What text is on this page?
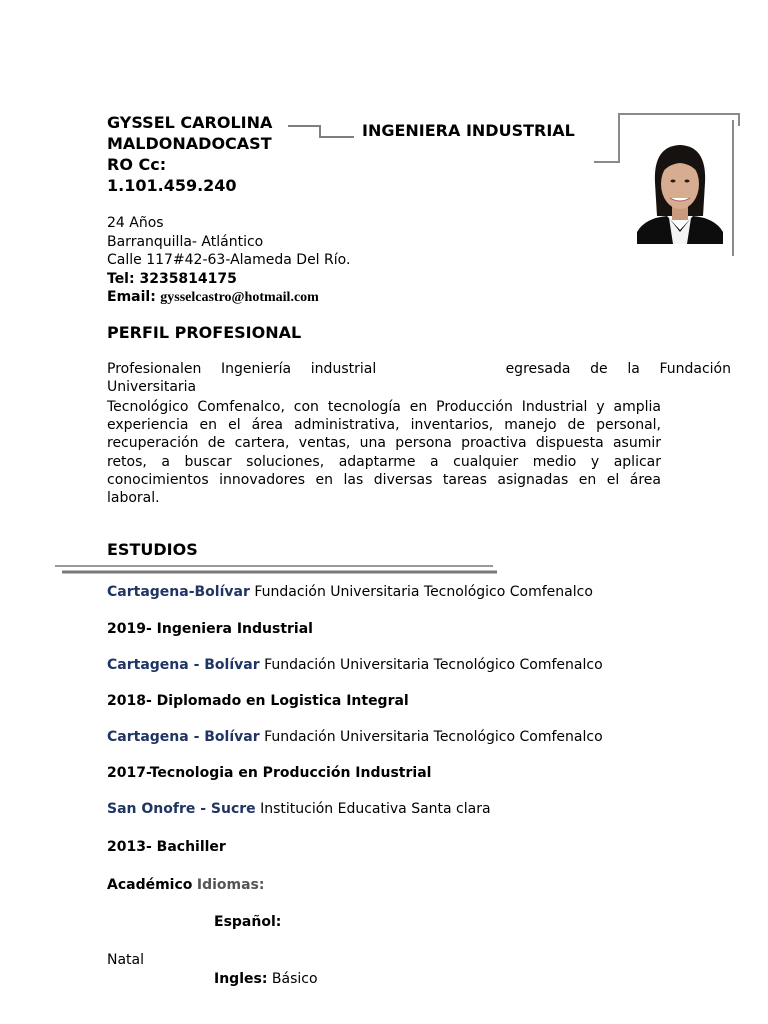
GYSSEL CAROLINA
MALDONADOCAST
RO Cc:
1.101.459.240
INGENIERA INDUSTRIAL
24 Años
Barranquilla- Atlántico
Calle 117#42-63-Alameda Del Río.
Tel: 3235814175
Email: gysselcastro@hotmail.com
PERFIL PROFESIONAL
Profesionalen Ingeniería industrial	egresada de la Fundación
Universitaria
Tecnológico Comfenalco, con tecnología en Producción Industrial y amplia experiencia en el área administrativa, inventarios, manejo de personal, recuperación de cartera, ventas, una persona proactiva dispuesta asumir retos, a buscar soluciones, adaptarme a cualquier medio y aplicar conocimientos innovadores en las diversas tareas asignadas en el área laboral.
ESTUDIOS
Cartagena-Bolívar Fundación Universitaria Tecnológico Comfenalco
2019- Ingeniera Industrial
Cartagena - Bolívar Fundación Universitaria Tecnológico Comfenalco
2018- Diplomado en Logistica Integral
Cartagena - Bolívar Fundación Universitaria Tecnológico Comfenalco
2017-Tecnologia en Producción Industrial
San Onofre - Sucre Institución Educativa Santa clara
2013- Bachiller
Académico Idiomas:
Español:
Natal
Ingles: Básico
